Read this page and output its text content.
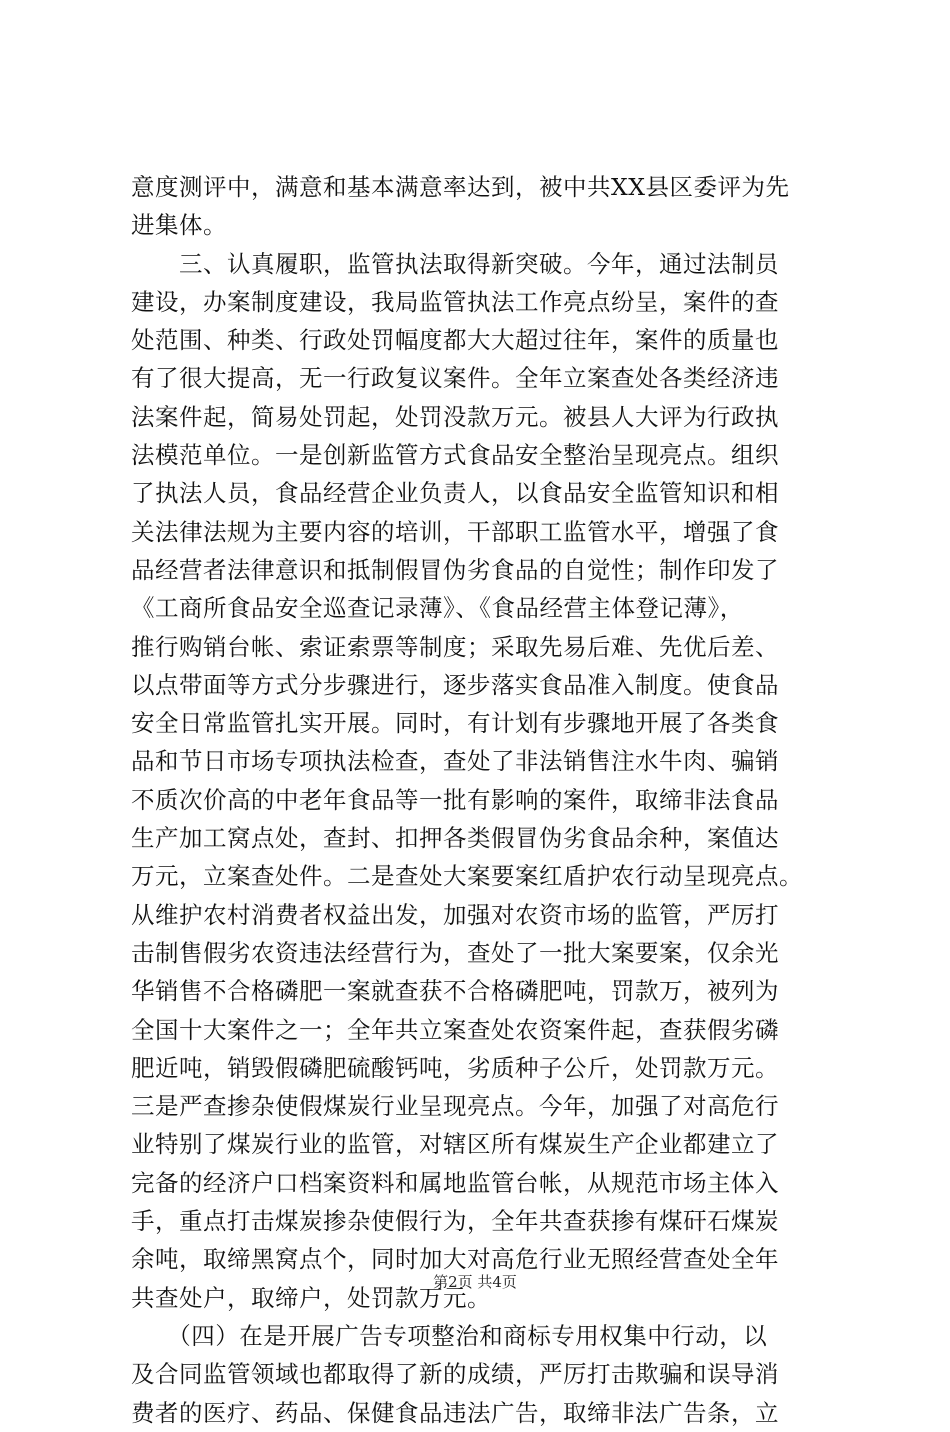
意度测评中，满意和基本满意率达到，被中共XX县区委评为先
进集体。
　　三、认真履职，监管执法取得新突破。今年，通过法制员
建设，办案制度建设，我局监管执法工作亮点纷呈，案件的查
处范围、种类、行政处罚幅度都大大超过往年，案件的质量也
有了很大提高，无一行政复议案件。全年立案查处各类经济违
法案件起，简易处罚起，处罚没款万元。被县人大评为行政执
法模范单位。一是创新监管方式食品安全整治呈现亮点。组织
了执法人员，食品经营企业负责人，以食品安全监管知识和相
关法律法规为主要内容的培训，干部职工监管水平，增强了食
品经营者法律意识和抵制假冒伪劣食品的自觉性；制作印发了
《工商所食品安全巡查记录薄》、《食品经营主体登记薄》，
推行购销台帐、索证索票等制度；采取先易后难、先优后差、
以点带面等方式分步骤进行，逐步落实食品准入制度。使食品
安全日常监管扎实开展。同时，有计划有步骤地开展了各类食
品和节日市场专项执法检查，查处了非法销售注水牛肉、骗销
不质次价高的中老年食品等一批有影响的案件，取缔非法食品
生产加工窝点处，查封、扣押各类假冒伪劣食品余种，案值达
万元，立案查处件。二是查处大案要案红盾护农行动呈现亮点。
从维护农村消费者权益出发，加强对农资市场的监管，严厉打
击制售假劣农资违法经营行为，查处了一批大案要案，仅余光
华销售不合格磷肥一案就查获不合格磷肥吨，罚款万，被列为
全国十大案件之一；全年共立案查处农资案件起，查获假劣磷
肥近吨，销毁假磷肥硫酸钙吨，劣质种子公斤，处罚款万元。
三是严查掺杂使假煤炭行业呈现亮点。今年，加强了对高危行
业特别了煤炭行业的监管，对辖区所有煤炭生产企业都建立了
完备的经济户口档案资料和属地监管台帐，从规范市场主体入
手，重点打击煤炭掺杂使假行为，全年共查获掺有煤矸石煤炭
余吨，取缔黑窝点个，同时加大对高危行业无照经营查处全年
共查处户，取缔户，处罚款万元。
　　（四）在是开展广告专项整治和商标专用权集中行动，以
及合同监管领域也都取得了新的成绩，严厉打击欺骗和误导消
费者的医疗、药品、保健食品违法广告，取缔非法广告条，立
第2页 共4页
